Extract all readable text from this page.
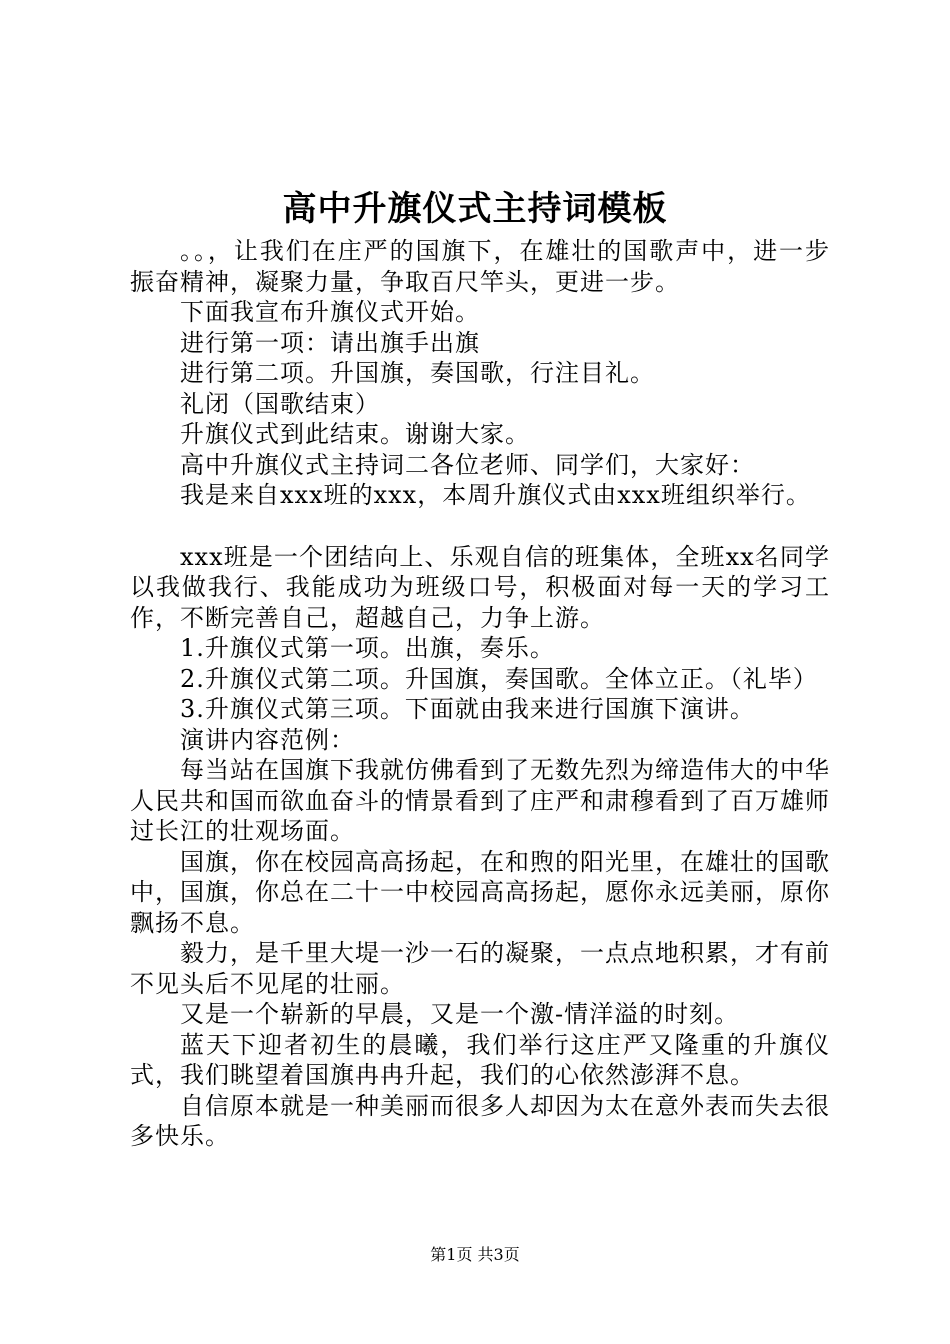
高中升旗仪式主持词模板

。。，让我们在庄严的国旗下，在雄壮的国歌声中，进一步振奋精神，凝聚力量，争取百尺竿头，更进一步。

下面我宣布升旗仪式开始。

进行第一项：请出旗手出旗

进行第二项。升国旗，奏国歌，行注目礼。

礼闭（国歌结束）

升旗仪式到此结束。谢谢大家。

高中升旗仪式主持词二各位老师、同学们，大家好：

我是来自xxx班的xxx，本周升旗仪式由xxx班组织举行。

xxx班是一个团结向上、乐观自信的班集体，全班xx名同学以我做我行、我能成功为班级口号，积极面对每一天的学习工作，不断完善自己，超越自己，力争上游。

1.升旗仪式第一项。出旗，奏乐。

2.升旗仪式第二项。升国旗，奏国歌。全体立正。（礼毕）

3.升旗仪式第三项。下面就由我来进行国旗下演讲。

演讲内容范例：

每当站在国旗下我就仿佛看到了无数先烈为缔造伟大的中华人民共和国而欲血奋斗的情景看到了庄严和肃穆看到了百万雄师过长江的壮观场面。

国旗，你在校园高高扬起，在和煦的阳光里，在雄壮的国歌中，国旗，你总在二十一中校园高高扬起，愿你永远美丽，原你飘扬不息。

毅力，是千里大堤一沙一石的凝聚，一点点地积累，才有前不见头后不见尾的壮丽。

又是一个崭新的早晨，又是一个激-情洋溢的时刻。

蓝天下迎者初生的晨曦，我们举行这庄严又隆重的升旗仪式，我们眺望着国旗冉冉升起，我们的心依然澎湃不息。

自信原本就是一种美丽而很多人却因为太在意外表而失去很多快乐。

第1页 共3页
